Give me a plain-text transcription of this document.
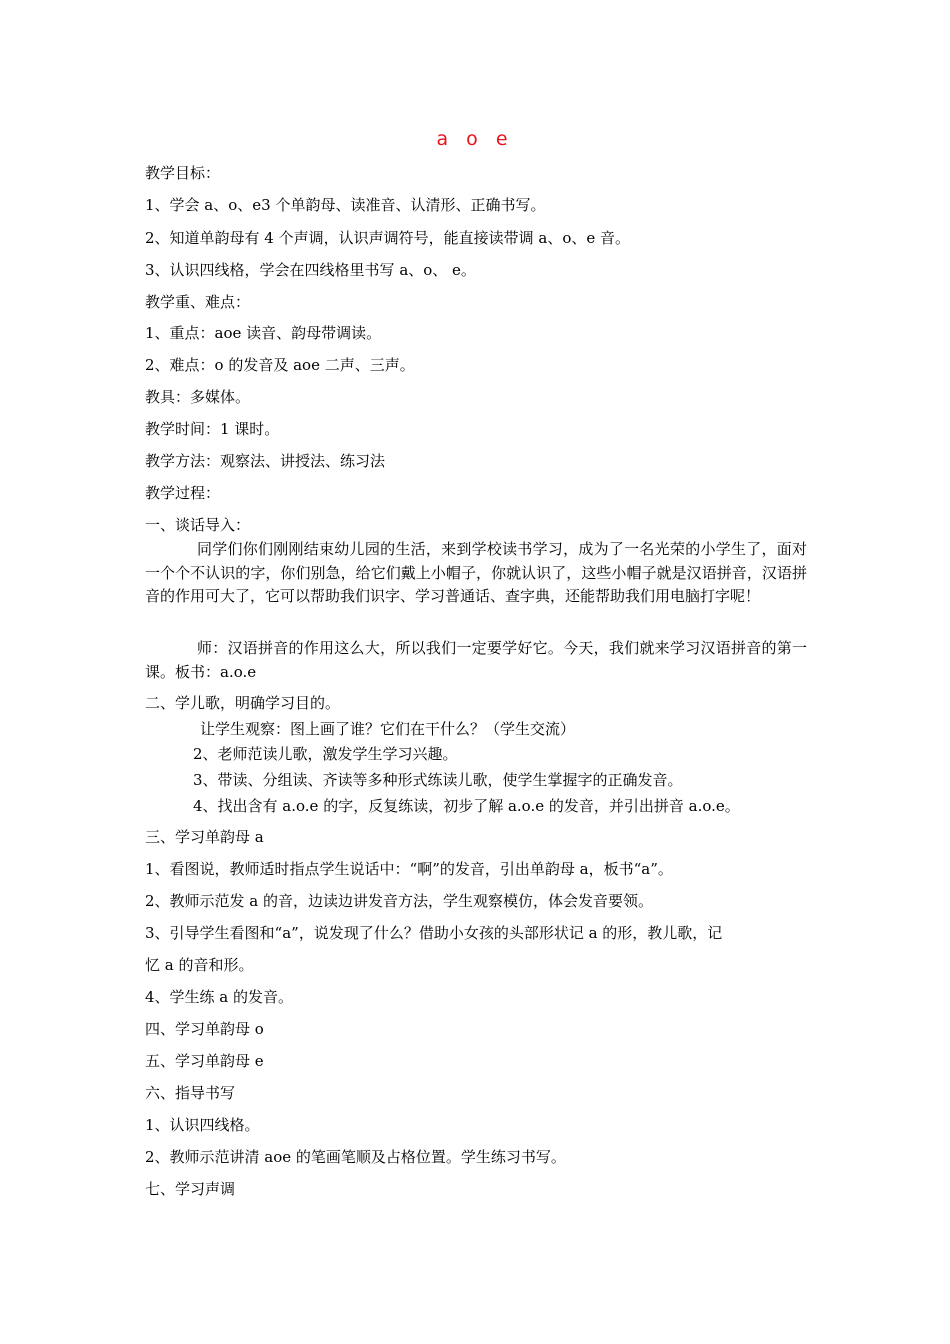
a o e
教学目标：
1、学会 a、o、e3 个单韵母、读准音、认清形、正确书写。
2、知道单韵母有 4 个声调，认识声调符号，能直接读带调 a、o、e 音。
3、认识四线格，学会在四线格里书写 a、o、 e。
教学重、难点：
1、重点：aoe 读音、韵母带调读。
2、难点：o 的发音及 aoe 二声、三声。
教具：多媒体。
教学时间：1 课时。
教学方法：观察法、讲授法、练习法
教学过程：
一、谈话导入：
同学们你们刚刚结束幼儿园的生活，来到学校读书学习，成为了一名光荣的小学生了，面对一个个不认识的字，你们别急，给它们戴上小帽子，你就认识了，这些小帽子就是汉语拼音，汉语拼音的作用可大了，它可以帮助我们识字、学习普通话、查字典，还能帮助我们用电脑打字呢！
师：汉语拼音的作用这么大，所以我们一定要学好它。今天，我们就来学习汉语拼音的第一课。板书：a.o.e
二、学儿歌，明确学习目的。
让学生观察：图上画了谁？它们在干什么？（学生交流）
2、老师范读儿歌，激发学生学习兴趣。
3、带读、分组读、齐读等多种形式练读儿歌，使学生掌握字的正确发音。
4、找出含有 a.o.e 的字，反复练读，初步了解 a.o.e 的发音，并引出拼音 a.o.e。
三、学习单韵母 a
1、看图说，教师适时指点学生说话中：“啊”的发音，引出单韵母 a，板书“a”。
2、教师示范发 a 的音，边读边讲发音方法，学生观察模仿，体会发音要领。
3、引导学生看图和“a”，说发现了什么？借助小女孩的头部形状记 a 的形，教儿歌，记
忆 a 的音和形。
4、学生练 a 的发音。
四、学习单韵母 o
五、学习单韵母 e
六、指导书写
1、认识四线格。
2、教师示范讲清 aoe 的笔画笔顺及占格位置。学生练习书写。
七、学习声调
